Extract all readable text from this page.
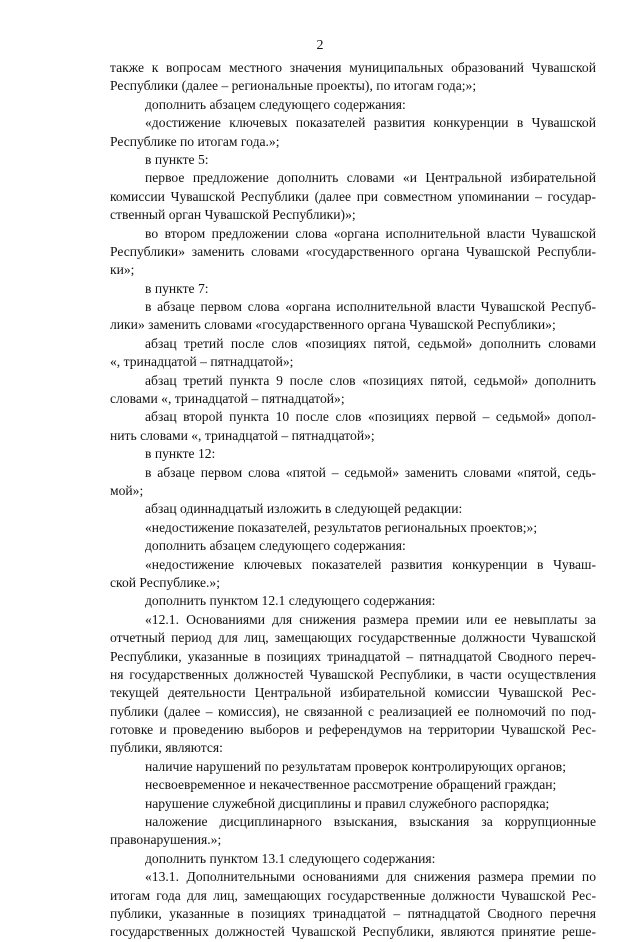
2
также к вопросам местного значения муниципальных образований Чувашской
Республики (далее – региональные проекты), по итогам года;»;
дополнить абзацем следующего содержания:
«достижение ключевых показателей развития конкуренции в Чувашской
Республике по итогам года.»;
в пункте 5:
первое предложение дополнить словами «и Центральной избирательной
комиссии Чувашской Республики (далее при совместном упоминании – государ-
ственный орган Чувашской Республики)»;
во втором предложении слова «органа исполнительной власти Чувашской
Республики» заменить словами «государственного органа Чувашской Республи-
ки»;
в пункте 7:
в абзаце первом слова «органа исполнительной власти Чувашской Респуб-
лики» заменить словами «государственного органа Чувашской Республики»;
абзац третий после слов «позициях пятой, седьмой» дополнить словами
«, тринадцатой – пятнадцатой»;
абзац третий пункта 9 после слов «позициях пятой, седьмой» дополнить
словами «, тринадцатой – пятнадцатой»;
абзац второй пункта 10 после слов «позициях первой – седьмой» допол-
нить словами «, тринадцатой – пятнадцатой»;
в пункте 12:
в абзаце первом слова «пятой – седьмой» заменить словами «пятой, седь-
мой»;
абзац одиннадцатый изложить в следующей редакции:
«недостижение показателей, результатов региональных проектов;»;
дополнить абзацем следующего содержания:
«недостижение ключевых показателей развития конкуренции в Чуваш-
ской Республике.»;
дополнить пунктом 12.1 следующего содержания:
«12.1. Основаниями для снижения размера премии или ее невыплаты за
отчетный период для лиц, замещающих государственные должности Чувашской
Республики, указанные в позициях тринадцатой – пятнадцатой Сводного переч-
ня государственных должностей Чувашской Республики, в части осуществления
текущей деятельности Центральной избирательной комиссии Чувашской Рес-
публики (далее – комиссия), не связанной с реализацией ее полномочий по под-
готовке и проведению выборов и референдумов на территории Чувашской Рес-
публики, являются:
наличие нарушений по результатам проверок контролирующих органов;
несвоевременное и некачественное рассмотрение обращений граждан;
нарушение служебной дисциплины и правил служебного распорядка;
наложение дисциплинарного взыскания, взыскания за коррупционные
правонарушения.»;
дополнить пунктом 13.1 следующего содержания:
«13.1. Дополнительными основаниями для снижения размера премии по
итогам года для лиц, замещающих государственные должности Чувашской Рес-
публики, указанные в позициях тринадцатой – пятнадцатой Сводного перечня
государственных должностей Чувашской Республики, являются принятие реше-
